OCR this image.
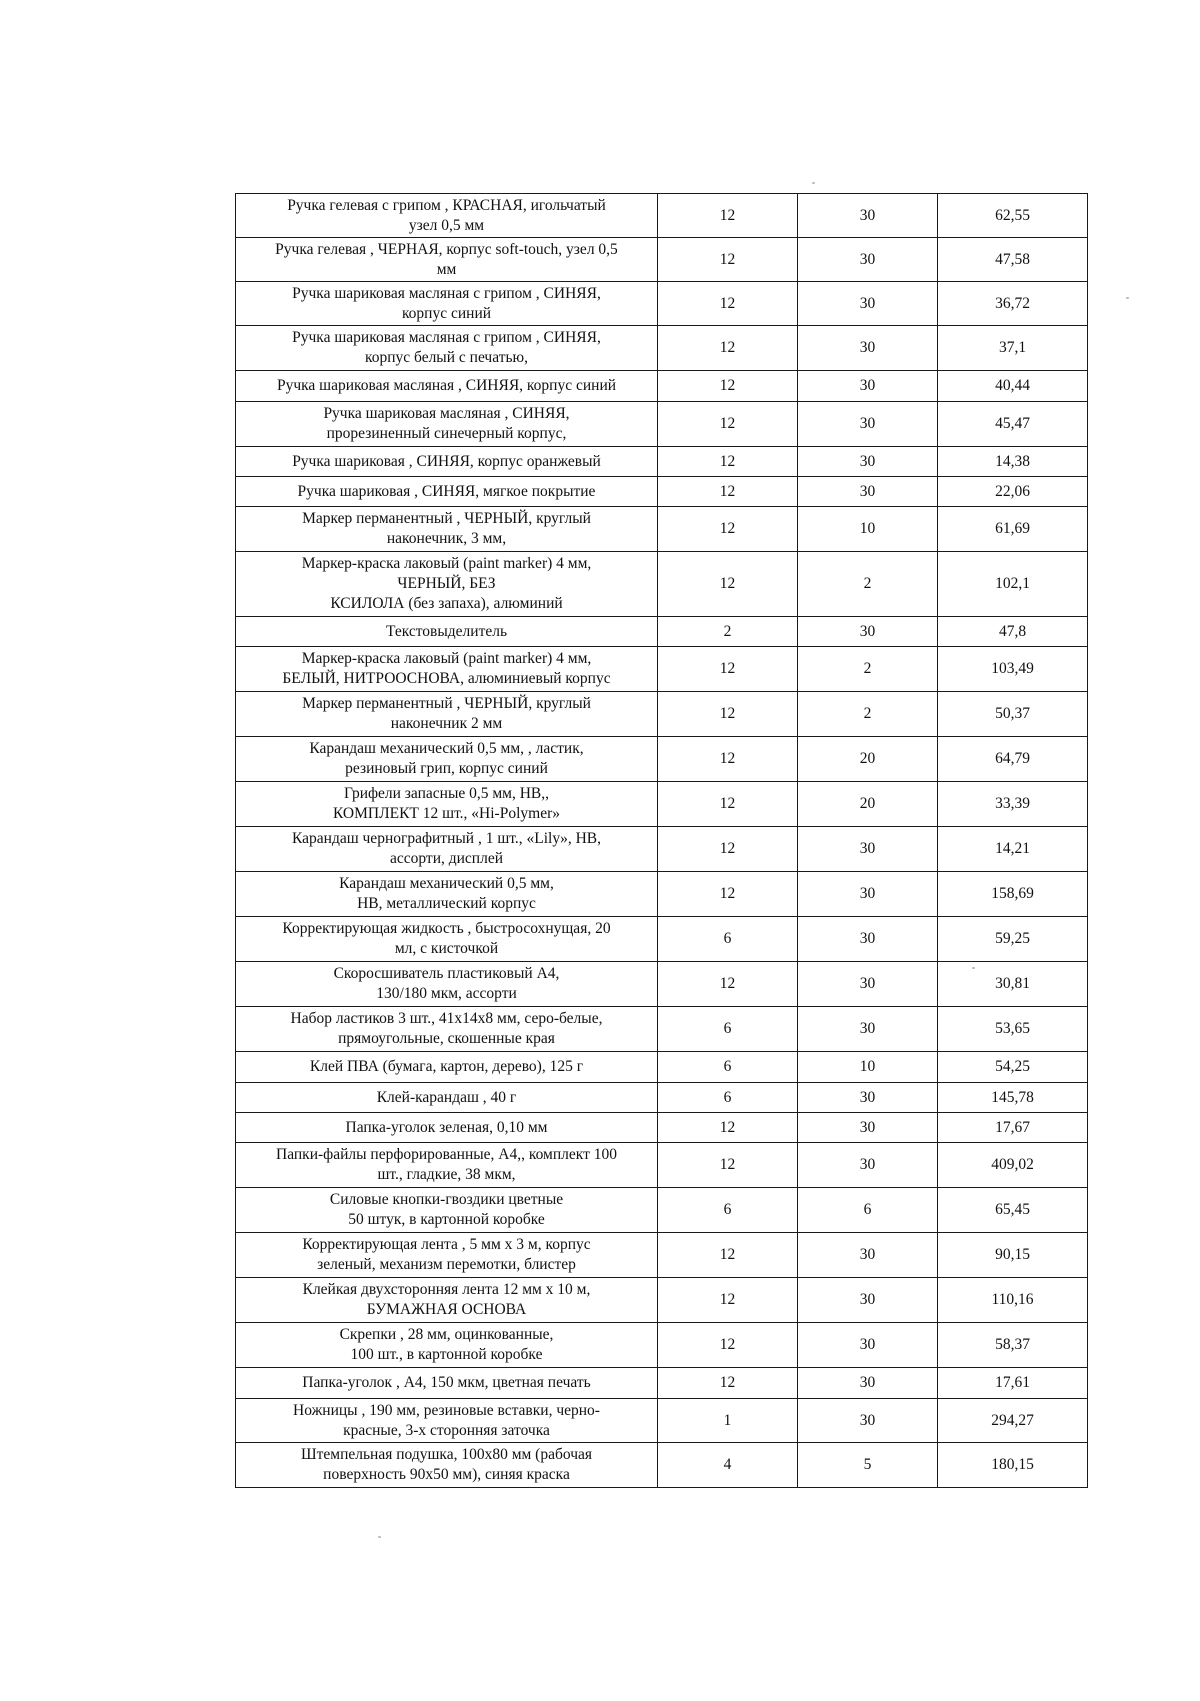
Ручка гелевая с грипом , КРАСНАЯ, игольчатый
узел 0,5 мм	12	30	62,55
Ручка гелевая , ЧЕРНАЯ, корпус soft-touch, узел 0,5
мм	12	30	47,58
Ручка шариковая масляная с грипом , СИНЯЯ,
корпус синий	12	30	36,72
Ручка шариковая масляная с грипом , СИНЯЯ,
корпус белый с печатью,	12	30	37,1
Ручка шариковая масляная , СИНЯЯ, корпус синий	12	30	40,44
Ручка шариковая масляная , СИНЯЯ,
прорезиненный синечерный корпус,	12	30	45,47
Ручка шариковая , СИНЯЯ, корпус оранжевый	12	30	14,38
Ручка шариковая , СИНЯЯ, мягкое покрытие	12	30	22,06
Маркер перманентный , ЧЕРНЫЙ, круглый
наконечник, 3 мм,	12	10	61,69
Маркер-краска лаковый (paint marker) 4 мм,
ЧЕРНЫЙ, БЕЗ
КСИЛОЛА (без запаха), алюминий	12	2	102,1
Текстовыделитель	2	30	47,8
Маркер-краска лаковый (paint marker) 4 мм,
БЕЛЫЙ, НИТРООСНОВА, алюминиевый корпус	12	2	103,49
Маркер перманентный , ЧЕРНЫЙ, круглый
наконечник 2 мм	12	2	50,37
Карандаш механический 0,5 мм, , ластик,
резиновый грип, корпус синий	12	20	64,79
Грифели запасные 0,5 мм, НВ,,
КОМПЛЕКТ 12 шт., «Hi-Polymer»	12	20	33,39
Карандаш чернографитный , 1 шт., «Lily», НВ,
ассорти, дисплей	12	30	14,21
Карандаш механический 0,5 мм,
НВ, металлический корпус	12	30	158,69
Корректирующая жидкость , быстросохнущая, 20
мл, с кисточкой	6	30	59,25
Скоросшиватель пластиковый А4,
130/180 мкм, ассорти	12	30	30,81
Набор ластиков 3 шт., 41x14x8 мм, серо-белые,
прямоугольные, скошенные края	6	30	53,65
Клей ПВА (бумага, картон, дерево), 125 г	6	10	54,25
Клей-карандаш , 40 г	6	30	145,78
Папка-уголок зеленая, 0,10 мм	12	30	17,67
Папки-файлы перфорированные, А4,, комплект 100
шт., гладкие, 38 мкм,	12	30	409,02
Силовые кнопки-гвоздики цветные
50 штук, в картонной коробке	6	6	65,45
Корректирующая лента , 5 мм x 3 м, корпус
зеленый, механизм перемотки, блистер	12	30	90,15
Клейкая двухсторонняя лента 12 мм x 10 м,
БУМАЖНАЯ ОСНОВА	12	30	110,16
Скрепки , 28 мм, оцинкованные,
100 шт., в картонной коробке	12	30	58,37
Папка-уголок , А4, 150 мкм, цветная печать	12	30	17,61
Ножницы , 190 мм, резиновые вставки, черно-
красные, 3-х сторонняя заточка	1	30	294,27
Штемпельная подушка, 100x80 мм (рабочая
поверхность 90x50 мм), синяя краска	4	5	180,15
